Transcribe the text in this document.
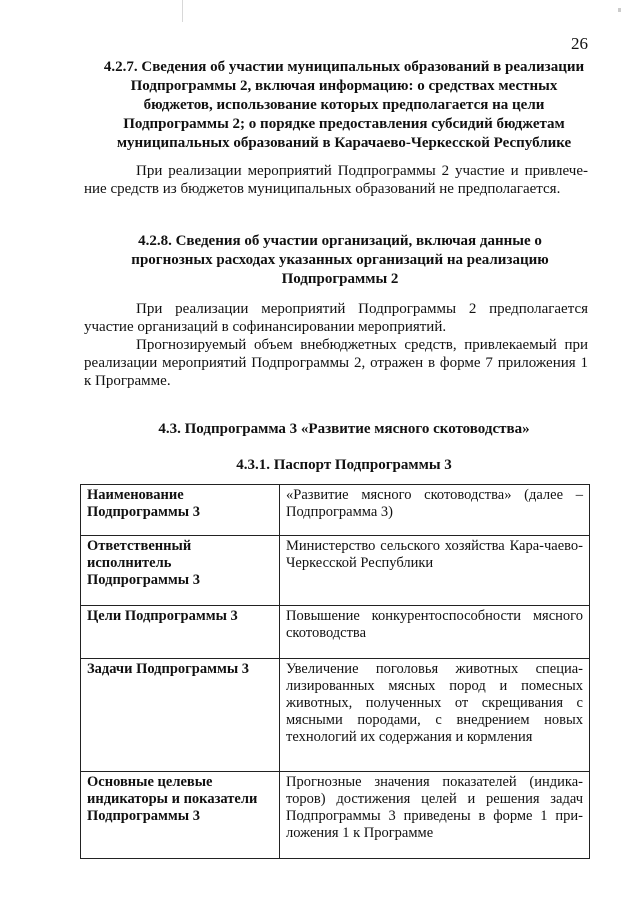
26
4.2.7. Сведения об участии муниципальных образований в реализации Подпрограммы 2, включая информацию: о средствах местных бюджетов, использование которых предполагается на цели Подпрограммы 2; о порядке предоставления субсидий бюджетам муниципальных образований в Карачаево-Черкесской Республике
При реализации мероприятий Подпрограммы 2 участие и привлече-ние средств из бюджетов муниципальных образований не предполагается.
4.2.8. Сведения об участии организаций, включая данные о прогнозных расходах указанных организаций на реализацию Подпрограммы 2
При реализации мероприятий Подпрограммы 2 предполагается участие организаций в софинансировании мероприятий.
Прогнозируемый объем внебюджетных средств, привлекаемый при реализации мероприятий Подпрограммы 2, отражен в форме 7 приложения 1 к Программе.
4.3. Подпрограмма 3 «Развитие мясного скотоводства»
4.3.1. Паспорт Подпрограммы 3
Наименование Подпрограммы 3	«Развитие мясного скотоводства» (далее – Подпрограмма 3)
Ответственный исполнитель Подпрограммы 3	Министерство сельского хозяйства Кара-чаево-Черкесской Республики
Цели Подпрограммы 3	Повышение конкурентоспособности мясного скотоводства
Задачи Подпрограммы 3	Увеличение поголовья животных специа-лизированных мясных пород и помесных животных, полученных от скрещивания с мясными породами, с внедрением новых технологий их содержания и кормления
Основные целевые индикаторы и показатели Подпрограммы 3	Прогнозные значения показателей (индика-торов) достижения целей и решения задач Подпрограммы 3 приведены в форме 1 при-ложения 1 к Программе
